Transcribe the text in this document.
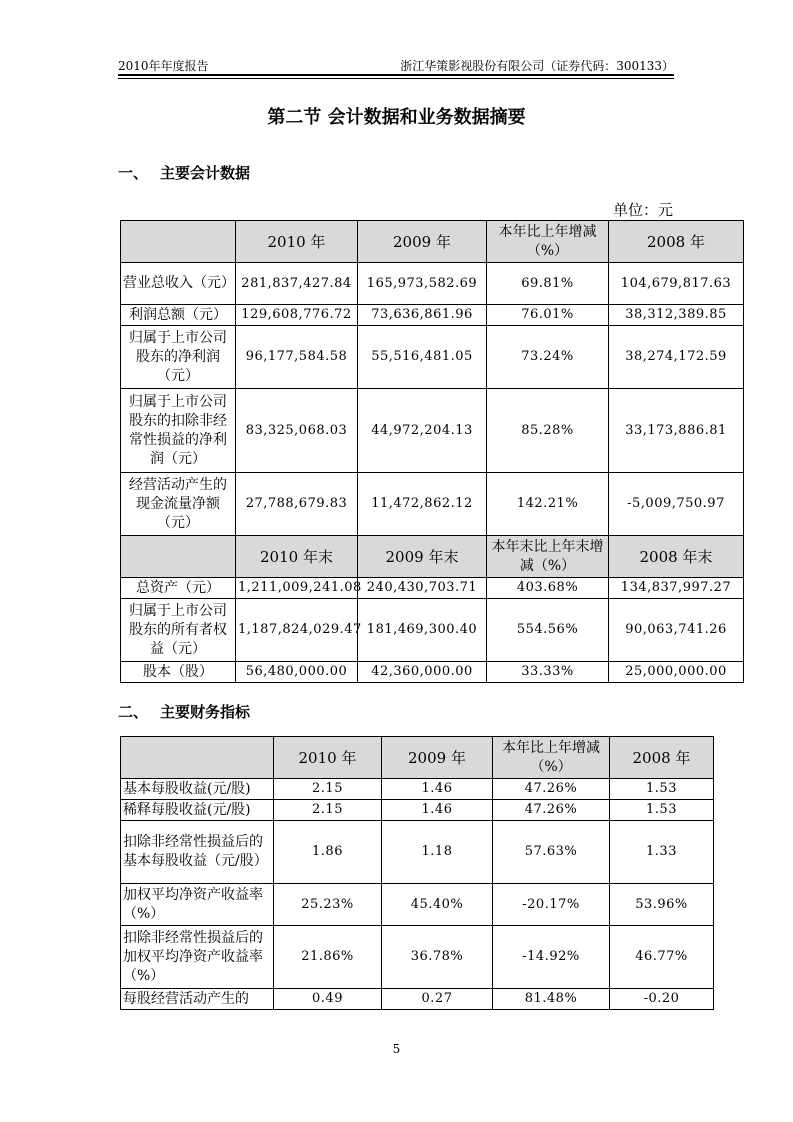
2010年年度报告	浙江华策影视股份有限公司（证券代码：300133）
第二节 会计数据和业务数据摘要
一、 主要会计数据
单位：元
	2010 年	2009 年	本年比上年增减（%）	2008 年
营业总收入（元）	281,837,427.84	165,973,582.69	69.81%	104,679,817.63
利润总额（元）	129,608,776.72	73,636,861.96	76.01%	38,312,389.85
归属于上市公司股东的净利润（元）	96,177,584.58	55,516,481.05	73.24%	38,274,172.59
归属于上市公司股东的扣除非经常性损益的净利润（元）	83,325,068.03	44,972,204.13	85.28%	33,173,886.81
经营活动产生的现金流量净额（元）	27,788,679.83	11,472,862.12	142.21%	-5,009,750.97
	2010 年末	2009 年末	本年末比上年末增减（%）	2008 年末
总资产（元）	1,211,009,241.08	240,430,703.71	403.68%	134,837,997.27
归属于上市公司股东的所有者权益（元）	1,187,824,029.47	181,469,300.40	554.56%	90,063,741.26
股本（股）	56,480,000.00	42,360,000.00	33.33%	25,000,000.00
二、 主要财务指标
	2010 年	2009 年	本年比上年增减（%）	2008 年
基本每股收益(元/股)	2.15	1.46	47.26%	1.53
稀释每股收益(元/股)	2.15	1.46	47.26%	1.53
扣除非经常性损益后的基本每股收益（元/股）	1.86	1.18	57.63%	1.33
加权平均净资产收益率（%）	25.23%	45.40%	-20.17%	53.96%
扣除非经常性损益后的加权平均净资产收益率（%）	21.86%	36.78%	-14.92%	46.77%
每股经营活动产生的	0.49	0.27	81.48%	-0.20
5
